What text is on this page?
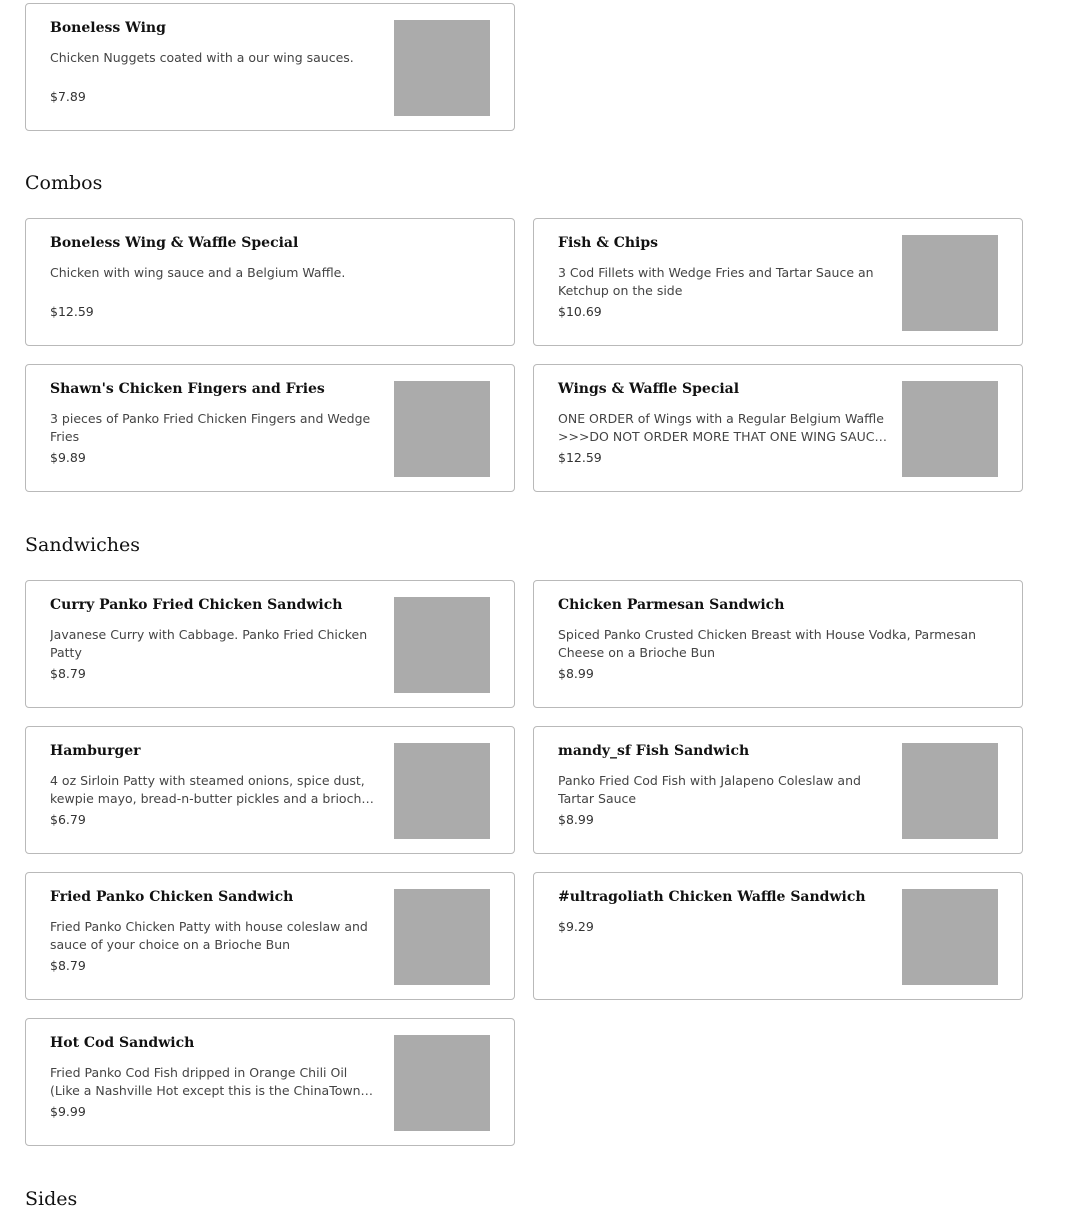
Boneless Wing
Chicken Nuggets coated with a our wing sauces.
$7.89
Combos
Boneless Wing & Waffle Special
Chicken with wing sauce and a Belgium Waffle.
$12.59
Fish & Chips
3 Cod Fillets with Wedge Fries and Tartar Sauce an Ketchup on the side
$10.69
Shawn's Chicken Fingers and Fries
3 pieces of Panko Fried Chicken Fingers and Wedge Fries
$9.89
Wings & Waffle Special
ONE ORDER of Wings with a Regular Belgium Waffle >>>DO NOT ORDER MORE THAT ONE WING SAUCE
$12.59
Sandwiches
Curry Panko Fried Chicken Sandwich
Javanese Curry with Cabbage. Panko Fried Chicken Patty
$8.79
Chicken Parmesan Sandwich
Spiced Panko Crusted Chicken Breast with House Vodka, Parmesan Cheese on a Brioche Bun
$8.99
Hamburger
4 oz Sirloin Patty with steamed onions, spice dust, kewpie mayo, bread-n-butter pickles and a brioche
$6.79
mandy_sf Fish Sandwich
Panko Fried Cod Fish with Jalapeno Coleslaw and Tartar Sauce
$8.99
Fried Panko Chicken Sandwich
Fried Panko Chicken Patty with house coleslaw and sauce of your choice on a Brioche Bun
$8.79
#ultragoliath Chicken Waffle Sandwich
$9.29
Hot Cod Sandwich
Fried Panko Cod Fish dripped in Orange Chili Oil (Like a Nashville Hot except this is the ChinaTown
$9.99
Sides
